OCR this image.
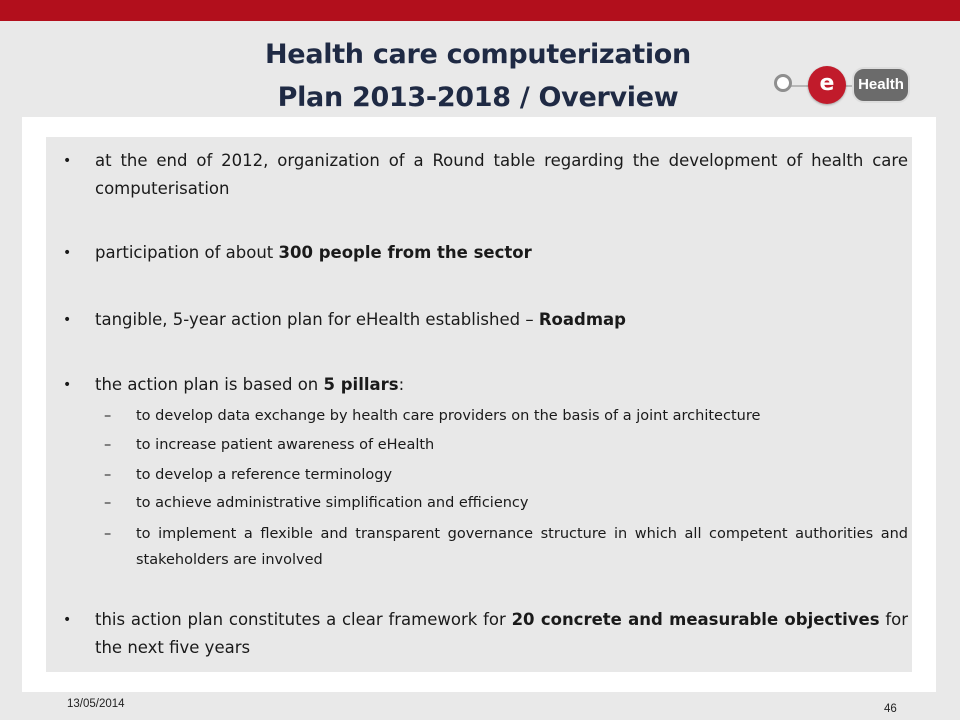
Health care computerization
Plan 2013-2018 / Overview	e	Health
•	at the end of 2012, organization of a Round table regarding the development of health care computerisation
•	participation of about 300 people from the sector
•	tangible, 5-year action plan for eHealth established – Roadmap
•	the action plan is based on 5 pillars:
–	to develop data exchange by health care providers on the basis of a joint architecture
–	to increase patient awareness of eHealth
–	to develop a reference terminology
–	to achieve administrative simplification and efficiency
–	to implement a flexible and transparent governance structure in which all competent authorities and stakeholders are involved
•	this action plan constitutes a clear framework for 20 concrete and measurable objectives for the next five years
13/05/2014	46
